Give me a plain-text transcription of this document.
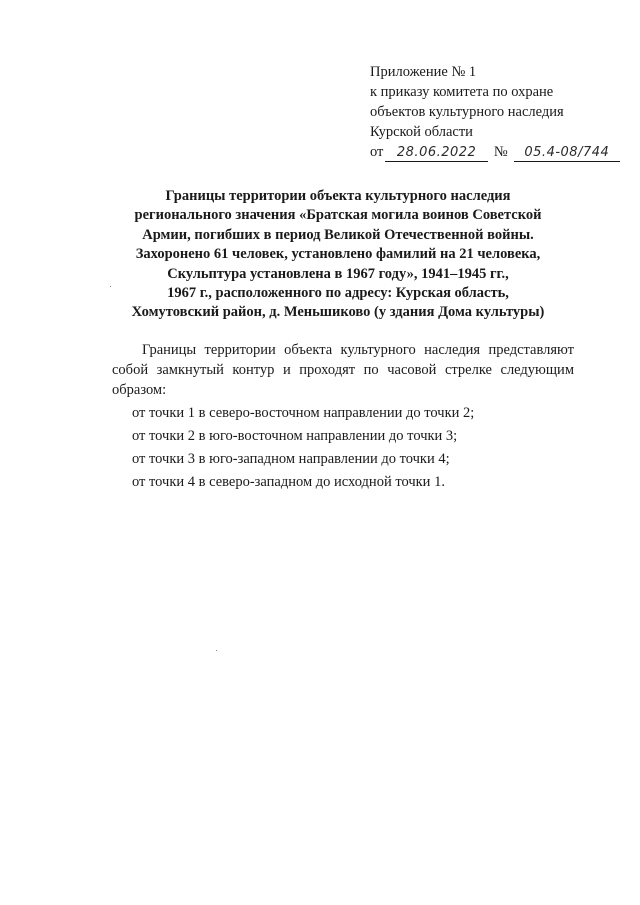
Приложение № 1
к приказу комитета по охране
объектов культурного наследия
Курской области
от	28.06.2022	№	05.4-08/744
Границы территории объекта культурного наследия
регионального значения «Братская могила воинов Советской
Армии, погибших в период Великой Отечественной войны.
Захоронено 61 человек, установлено фамилий на 21 человека,
Скульптура установлена в 1967 году», 1941–1945 гг.,
1967 г., расположенного по адресу: Курская область,
Хомутовский район, д. Меньшиково (у здания Дома культуры)
Границы территории объекта культурного наследия представляют собой замкнутый контур и проходят по часовой стрелке следующим образом:
от точки 1 в северо-восточном направлении до точки 2;
от точки 2 в юго-восточном направлении до точки 3;
от точки 3 в юго-западном направлении до точки 4;
от точки 4 в северо-западном до исходной точки 1.
